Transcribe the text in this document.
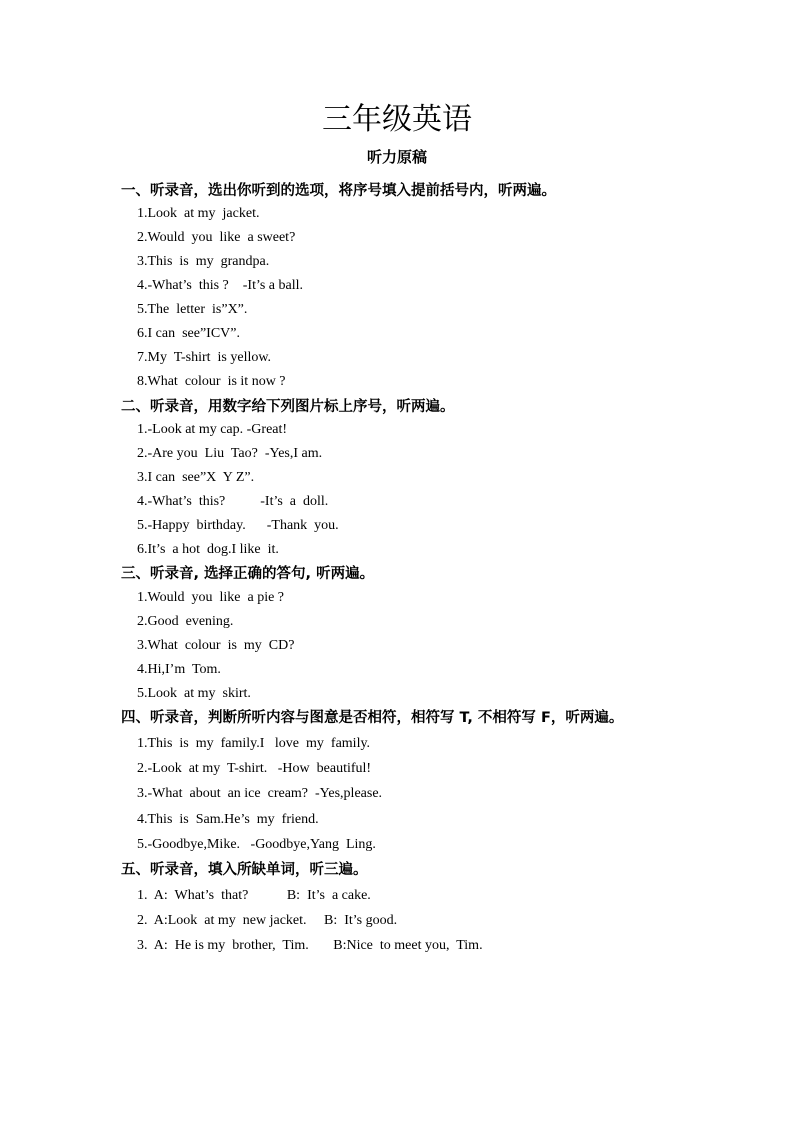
三年级英语
听力原稿
一、听录音，选出你听到的选项，将序号填入提前括号内，听两遍。
1.Look  at my  jacket.
2.Would  you  like  a sweet?
3.This  is  my  grandpa.
4.-What’s  this ?    -It’s a ball.
5.The  letter  is”X”.
6.I can  see”ICV”.
7.My  T-shirt  is yellow.
8.What  colour  is it now ?
二、听录音，用数字给下列图片标上序号，听两遍。
1.-Look at my cap. -Great!
2.-Are you  Liu  Tao?  -Yes,I am.
3.I can  see”X  Y Z”.
4.-What’s  this?          -It’s  a  doll.
5.-Happy  birthday.      -Thank  you.
6.It’s  a hot  dog.I like  it.
三、听录音, 选择正确的答句, 听两遍。
1.Would  you  like  a pie ?
2.Good  evening.
3.What  colour  is  my  CD?
4.Hi,I’m  Tom.
5.Look  at my  skirt.
四、听录音，判断所听内容与图意是否相符，相符写 T, 不相符写 F，听两遍。
1.This  is  my  family.I   love  my  family.
2.-Look  at my  T-shirt.   -How  beautiful!
3.-What  about  an ice  cream?  -Yes,please.
4.This  is  Sam.He’s  my  friend.
5.-Goodbye,Mike.   -Goodbye,Yang  Ling.
五、听录音，填入所缺单词，听三遍。
1.  A:  What’s  that?           B:  It’s  a cake.
2.  A:Look  at my  new jacket.     B:  It’s good.
3.  A:  He is my  brother,  Tim.       B:Nice  to meet you,  Tim.
